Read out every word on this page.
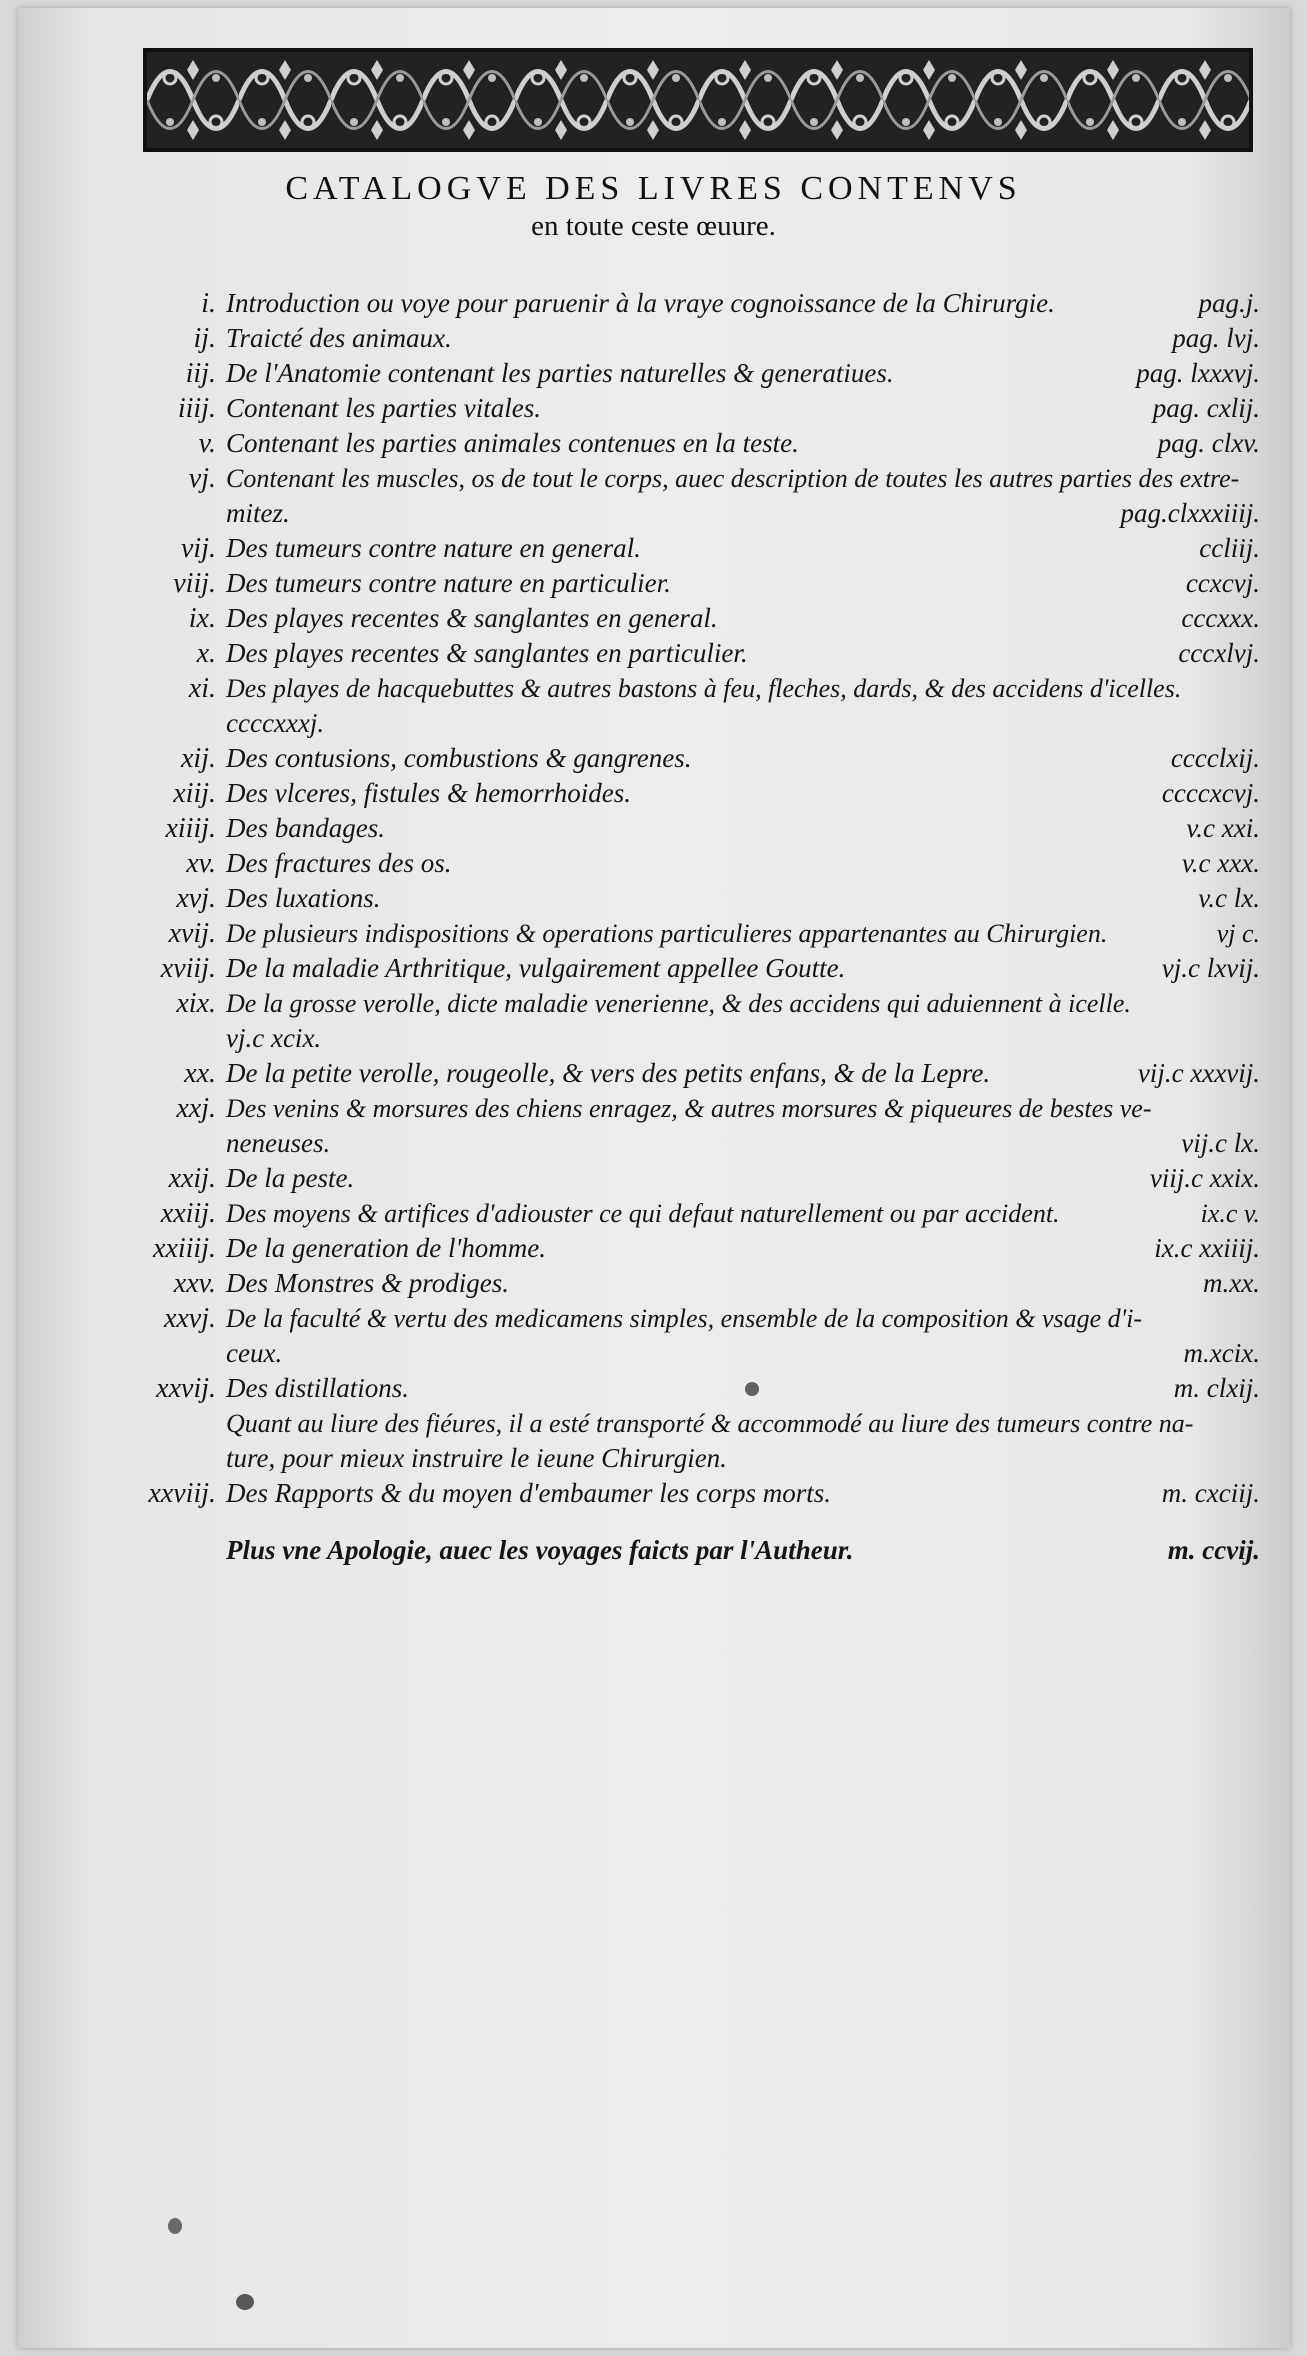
CATALOGVE DES LIVRES CONTENVS
en toute ceste œuure.
i. Introduction ou voye pour paruenir à la vraye cognoissance de la Chirurgie.	pag.j.
ij. Traicté des animaux.	pag. lvj.
iij. De l'Anatomie contenant les parties naturelles & generatiues.	pag. lxxxvj.
iiij. Contenant les parties vitales.	pag. cxlij.
v. Contenant les parties animales contenues en la teste.	pag. clxv.
vj. Contenant les muscles, os de tout le corps, auec description de toutes les autres parties des extre-
mitez.	pag.clxxxiiij.
vij. Des tumeurs contre nature en general.	ccliij.
viij. Des tumeurs contre nature en particulier.	ccxcvj.
ix. Des playes recentes & sanglantes en general.	cccxxx.
x. Des playes recentes & sanglantes en particulier.	cccxlvj.
xi. Des playes de hacquebuttes & autres bastons à feu, fleches, dards, & des accidens d'icelles.
ccccxxxj.
xij. Des contusions, combustions & gangrenes.	cccclxij.
xiij. Des vlceres, fistules & hemorrhoides.	ccccxcvj.
xiiij. Des bandages.	v.c xxi.
xv. Des fractures des os.	v.c xxx.
xvj. Des luxations.	v.c lx.
xvij. De plusieurs indispositions & operations particulieres appartenantes au Chirurgien.	vj c.
xviij. De la maladie Arthritique, vulgairement appellee Goutte.	vj.c lxvij.
xix. De la grosse verolle, dicte maladie venerienne, & des accidens qui aduiennent à icelle.
vj.c xcix.
xx. De la petite verolle, rougeolle, & vers des petits enfans, & de la Lepre.	vij.c xxxvij.
xxj. Des venins & morsures des chiens enragez, & autres morsures & piqueures de bestes ve-
neneuses.	vij.c lx.
xxij. De la peste.	viij.c xxix.
xxiij. Des moyens & artifices d'adiouster ce qui defaut naturellement ou par accident.	ix.c v.
xxiiij. De la generation de l'homme.	ix.c xxiiij.
xxv. Des Monstres & prodiges.	m.xx.
xxvj. De la faculté & vertu des medicamens simples, ensemble de la composition & vsage d'i-
ceux.	m.xcix.
xxvij. Des distillations.	m. clxij.
Quant au liure des fiéures, il a esté transporté & accommodé au liure des tumeurs contre na-
ture, pour mieux instruire le ieune Chirurgien.
xxviij. Des Rapports & du moyen d'embaumer les corps morts.	m. cxciij.
Plus vne Apologie, auec les voyages faicts par l'Autheur.	m. ccvij.
